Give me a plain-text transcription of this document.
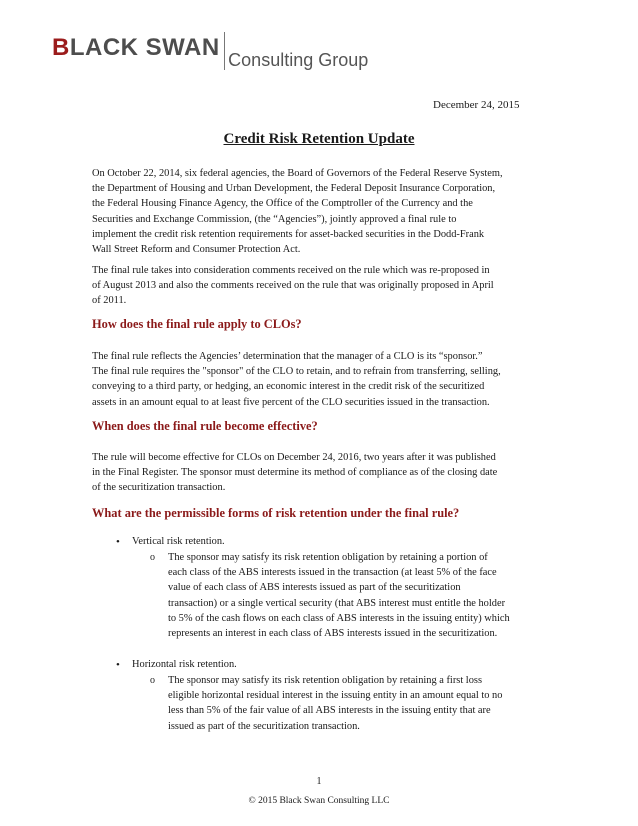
BLACK SWAN Consulting Group
December 24, 2015
Credit Risk Retention Update
On October 22, 2014, six federal agencies, the Board of Governors of the Federal Reserve System,
the Department of Housing and Urban Development, the Federal Deposit Insurance Corporation,
the Federal Housing Finance Agency, the Office of the Comptroller of the Currency and the
Securities and Exchange Commission, (the “Agencies”), jointly approved a final rule to
implement the credit risk retention requirements for asset-backed securities in the Dodd-Frank
Wall Street Reform and Consumer Protection Act.
The final rule takes into consideration comments received on the rule which was re-proposed in
of August 2013 and also the comments received on the rule that was originally proposed in April
of 2011.
How does the final rule apply to CLOs?
The final rule reflects the Agencies’ determination that the manager of a CLO is its “sponsor.”
The final rule requires the "sponsor" of the CLO to retain, and to refrain from transferring, selling,
conveying to a third party, or hedging, an economic interest in the credit risk of the securitized
assets in an amount equal to at least five percent of the CLO securities issued in the transaction.
When does the final rule become effective?
The rule will become effective for CLOs on December 24, 2016, two years after it was published
in the Final Register. The sponsor must determine its method of compliance as of the closing date
of the securitization transaction.
What are the permissible forms of risk retention under the final rule?
• Vertical risk retention.
o The sponsor may satisfy its risk retention obligation by retaining a portion of
each class of the ABS interests issued in the transaction (at least 5% of the face
value of each class of ABS interests issued as part of the securitization
transaction) or a single vertical security (that ABS interest must entitle the holder
to 5% of the cash flows on each class of ABS interests in the issuing entity) which
represents an interest in each class of ABS interests issued in the securitization.
• Horizontal risk retention.
o The sponsor may satisfy its risk retention obligation by retaining a first loss
eligible horizontal residual interest in the issuing entity in an amount equal to no
less than 5% of the fair value of all ABS interests in the issuing entity that are
issued as part of the securitization transaction.
1
© 2015 Black Swan Consulting LLC
